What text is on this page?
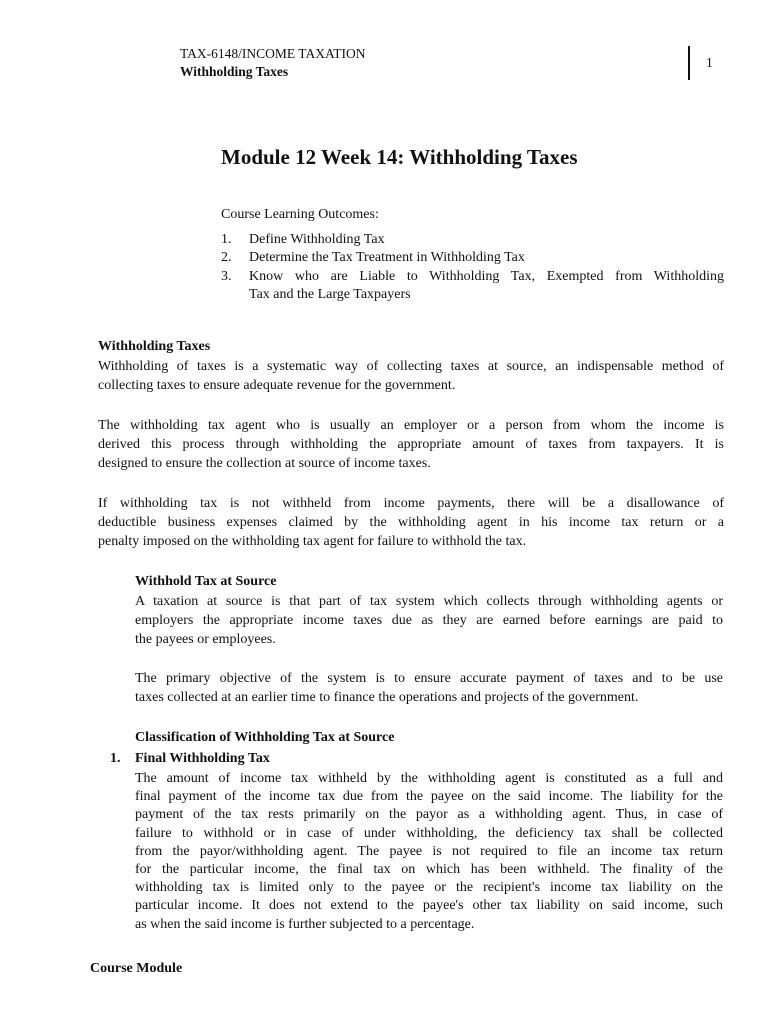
TAX-6148/INCOME TAXATION
Withholding Taxes
1
Module 12 Week 14: Withholding Taxes
Course Learning Outcomes:
1.	Define Withholding Tax
2.	Determine the Tax Treatment in Withholding Tax
3.	Know who are Liable to Withholding Tax, Exempted from Withholding
Tax and the Large Taxpayers
Withholding Taxes
Withholding of taxes is a systematic way of collecting taxes at source, an indispensable method of
collecting taxes to ensure adequate revenue for the government.
The withholding tax agent who is usually an employer or a person from whom the income is
derived this process through withholding the appropriate amount of taxes from taxpayers. It is
designed to ensure the collection at source of income taxes.
If withholding tax is not withheld from income payments, there will be a disallowance of
deductible business expenses claimed by the withholding agent in his income tax return or a
penalty imposed on the withholding tax agent for failure to withhold the tax.
Withhold Tax at Source
A taxation at source is that part of tax system which collects through withholding agents or
employers the appropriate income taxes due as they are earned before earnings are paid to
the payees or employees.
The primary objective of the system is to ensure accurate payment of taxes and to be use
taxes collected at an earlier time to finance the operations and projects of the government.
Classification of Withholding Tax at Source
1. Final Withholding Tax
The amount of income tax withheld by the withholding agent is constituted as a full and
final payment of the income tax due from the payee on the said income. The liability for the
payment of the tax rests primarily on the payor as a withholding agent. Thus, in case of
failure to withhold or in case of under withholding, the deficiency tax shall be collected
from the payor/withholding agent. The payee is not required to file an income tax return
for the particular income, the final tax on which has been withheld. The finality of the
withholding tax is limited only to the payee or the recipient's income tax liability on the
particular income. It does not extend to the payee's other tax liability on said income, such
as when the said income is further subjected to a percentage.
Course Module
